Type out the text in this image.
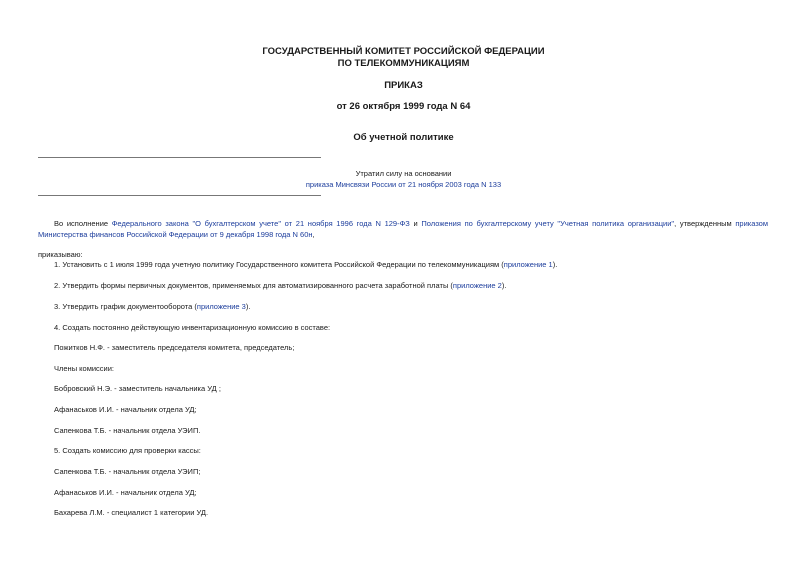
ГОСУДАРСТВЕННЫЙ КОМИТЕТ РОССИЙСКОЙ ФЕДЕРАЦИИ
ПО ТЕЛЕКОММУНИКАЦИЯМ
ПРИКАЗ
от 26 октября 1999 года N 64
Об учетной политике
Утратил силу на основании
приказа Минсвязи России от 21 ноября 2003 года N 133
Во исполнение Федерального закона "О бухгалтерском учете" от 21 ноября 1996 года N 129-ФЗ и Положения по бухгалтерскому учету "Учетная политика организации", утвержденным приказом Министерства финансов Российской Федерации от 9 декабря 1998 года N 60н,
приказываю:
1. Установить с 1 июля 1999 года учетную политику Государственного комитета Российской Федерации по телекоммуникациям (приложение 1).
2. Утвердить формы первичных документов, применяемых для автоматизированного расчета заработной платы (приложение 2).
3. Утвердить график документооборота (приложение 3).
4. Создать постоянно действующую инвентаризационную комиссию в составе:
Пожитков Н.Ф. - заместитель председателя комитета, председатель;
Члены комиссии:
Бобровский Н.Э. - заместитель начальника УД ;
Афанаськов И.И. - начальник отдела УД;
Сапенкова Т.Б. - начальник отдела УЭИП.
5. Создать комиссию для проверки кассы:
Сапенкова Т.Б. - начальник отдела УЭИП;
Афанаськов И.И. - начальник отдела УД;
Бахарева Л.М. - специалист 1 категории УД.
